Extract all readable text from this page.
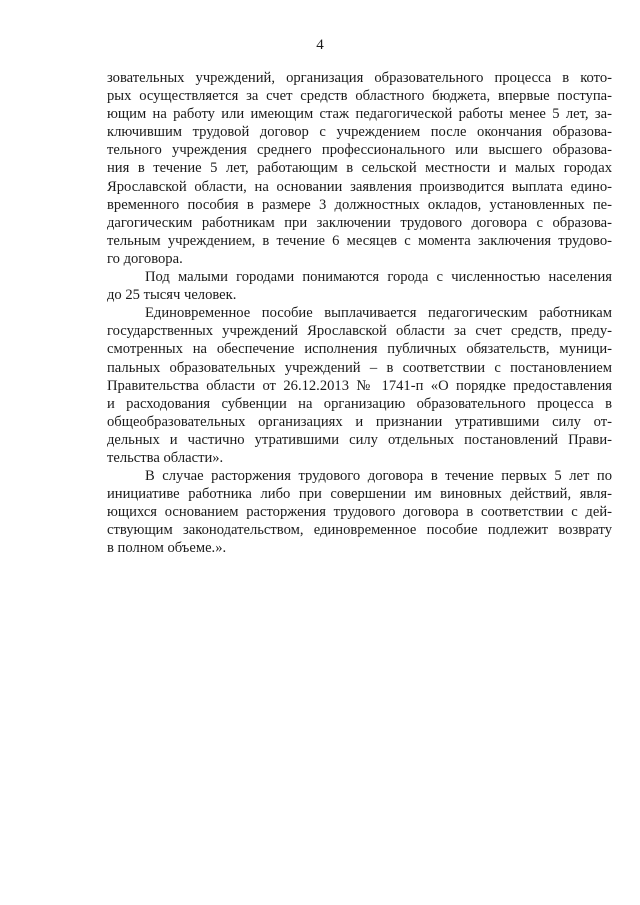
4
зовательных учреждений, организация образовательного процесса в кото-
рых осуществляется за счет средств областного бюджета, впервые поступа-
ющим на работу или имеющим стаж педагогической работы менее 5 лет, за-
ключившим трудовой договор с учреждением после окончания образова-
тельного учреждения среднего профессионального или высшего образова-
ния в течение 5 лет, работающим в сельской местности и малых городах
Ярославской области, на основании заявления производится выплата едино-
временного пособия в размере 3 должностных окладов, установленных пе-
дагогическим работникам при заключении трудового договора с образова-
тельным учреждением, в течение 6 месяцев с момента заключения трудово-
го договора.
Под малыми городами понимаются города с численностью населения
до 25 тысяч человек.
Единовременное пособие выплачивается педагогическим работникам
государственных учреждений Ярославской области за счет средств, преду-
смотренных на обеспечение исполнения публичных обязательств, муници-
пальных образовательных учреждений – в соответствии с постановлением
Правительства области от 26.12.2013 № 1741-п «О порядке предоставления
и расходования субвенции на организацию образовательного процесса в
общеобразовательных организациях и признании утратившими силу от-
дельных и частично утратившими силу отдельных постановлений Прави-
тельства области».
В случае расторжения трудового договора в течение первых 5 лет по
инициативе работника либо при совершении им виновных действий, явля-
ющихся основанием расторжения трудового договора в соответствии с дей-
ствующим законодательством, единовременное пособие подлежит возврату
в полном объеме.».
